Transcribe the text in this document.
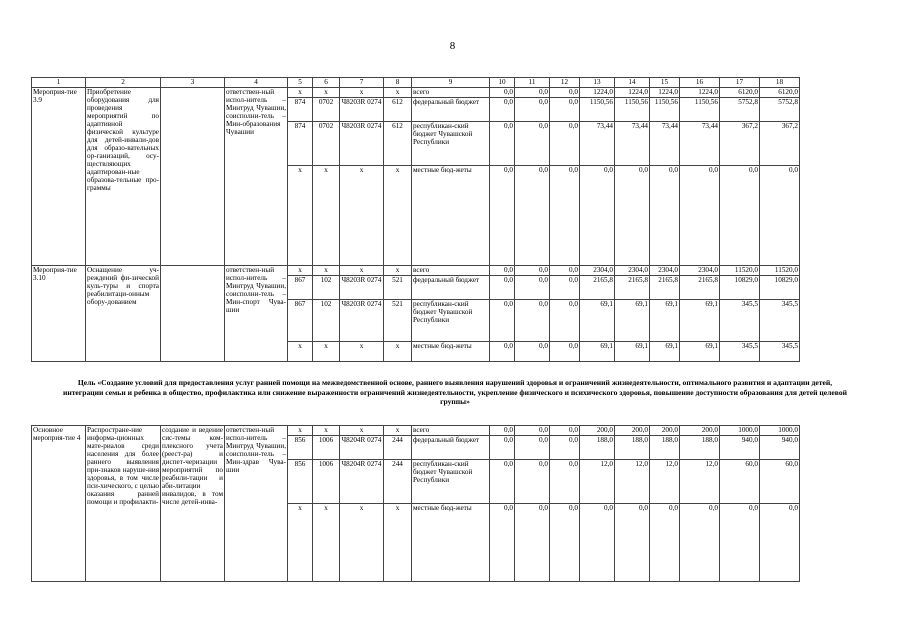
8
1	2	3	4	5	6	7	8	9	10	11	12	13	14	15	16	17	18
Мероприя-тие 3.9	Приобретение оборудования для проведения мероприятий по адаптивной физической культуре для детей-инвали-дов для образо-вательных ор-ганизаций, осу-ществляющих адаптирован-ные образова-тельные про-граммы		ответствен-ный испол-нитель – Минтруд Чувашии, соисполни-тель – Мин-образования Чувашии	x	x	x	x	всего	0,0	0,0	0,0	1224,0	1224,0	1224,0	1224,0	6120,0	6120,0
				874	0702	Ч8203R 0274	612	федеральный бюджет	0,0	0,0	0,0	1150,56	1150,56	1150,56	1150,56	5752,8	5752,8
				874	0702	Ч8203R 0274	612	республикан-ский бюджет Чувашской Республики	0,0	0,0	0,0	73,44	73,44	73,44	73,44	367,2	367,2
				x	x	x	x	местные бюд-жеты	0,0	0,0	0,0	0,0	0,0	0,0	0,0	0,0	0,0
Мероприя-тие 3.10	Оснащение уч-реждений фи-зической куль-туры и спорта реабилитаци-онным обору-дованием		ответствен-ный испол-нитель – Минтруд Чувашии, соисполни-тель – Мин-спорт Чува-шии	x	x	x	x	всего	0,0	0,0	0,0	2304,0	2304,0	2304,0	2304,0	11520,0	11520,0
				867	102	Ч8203R 0274	521	федеральный бюджет	0,0	0,0	0,0	2165,8	2165,8	2165,8	2165,8	10829,0	10829,0
				867	102	Ч8203R 0274	521	республикан-ский бюджет Чувашской Республики	0,0	0,0	0,0	69,1	69,1	69,1	69,1	345,5	345,5
				x	x	x	x	местные бюд-жеты	0,0	0,0	0,0	69,1	69,1	69,1	69,1	345,5	345,5
Цель «Создание условий для предоставления услуг ранней помощи на межведомственной основе, раннего выявления нарушений здоровья и ограничений жизнедеятельности, оптимального развития и адаптации детей, интеграции семьи и ребенка в общество, профилактика или снижение выраженности ограничений жизнедеятельности, укрепление физического и психического здоровья, повышение доступности образования для детей целевой группы»
Основное мероприя-тие 4	Распростране-ние информа-ционных мате-риалов среди населения для более раннего выявления при-знаков наруше-ния здоровья, в том числе пси-хического, с целью оказания ранней помощи и профилакти-	создание и ведение сис-темы ком-плексного учета (реест-ра) и диспет-черизации мероприятий по реабили-тации и аби-литации инвалидов, в том числе детей-инва-	ответствен-ный испол-нитель – Минтруд Чувашии, соисполни-тель – Мин-здрав Чува-шии	x	x	x	x	всего	0,0	0,0	0,0	200,0	200,0	200,0	200,0	1000,0	1000,0
				856	1006	Ч8204R 0274	244	федеральный бюджет	0,0	0,0	0,0	188,0	188,0	188,0	188,0	940,0	940,0
				856	1006	Ч8204R 0274	244	республикан-ский бюджет Чувашской Республики	0,0	0,0	0,0	12,0	12,0	12,0	12,0	60,0	60,0
				x	x	x	x	местные бюд-жеты	0,0	0,0	0,0	0,0	0,0	0,0	0,0	0,0	0,0
